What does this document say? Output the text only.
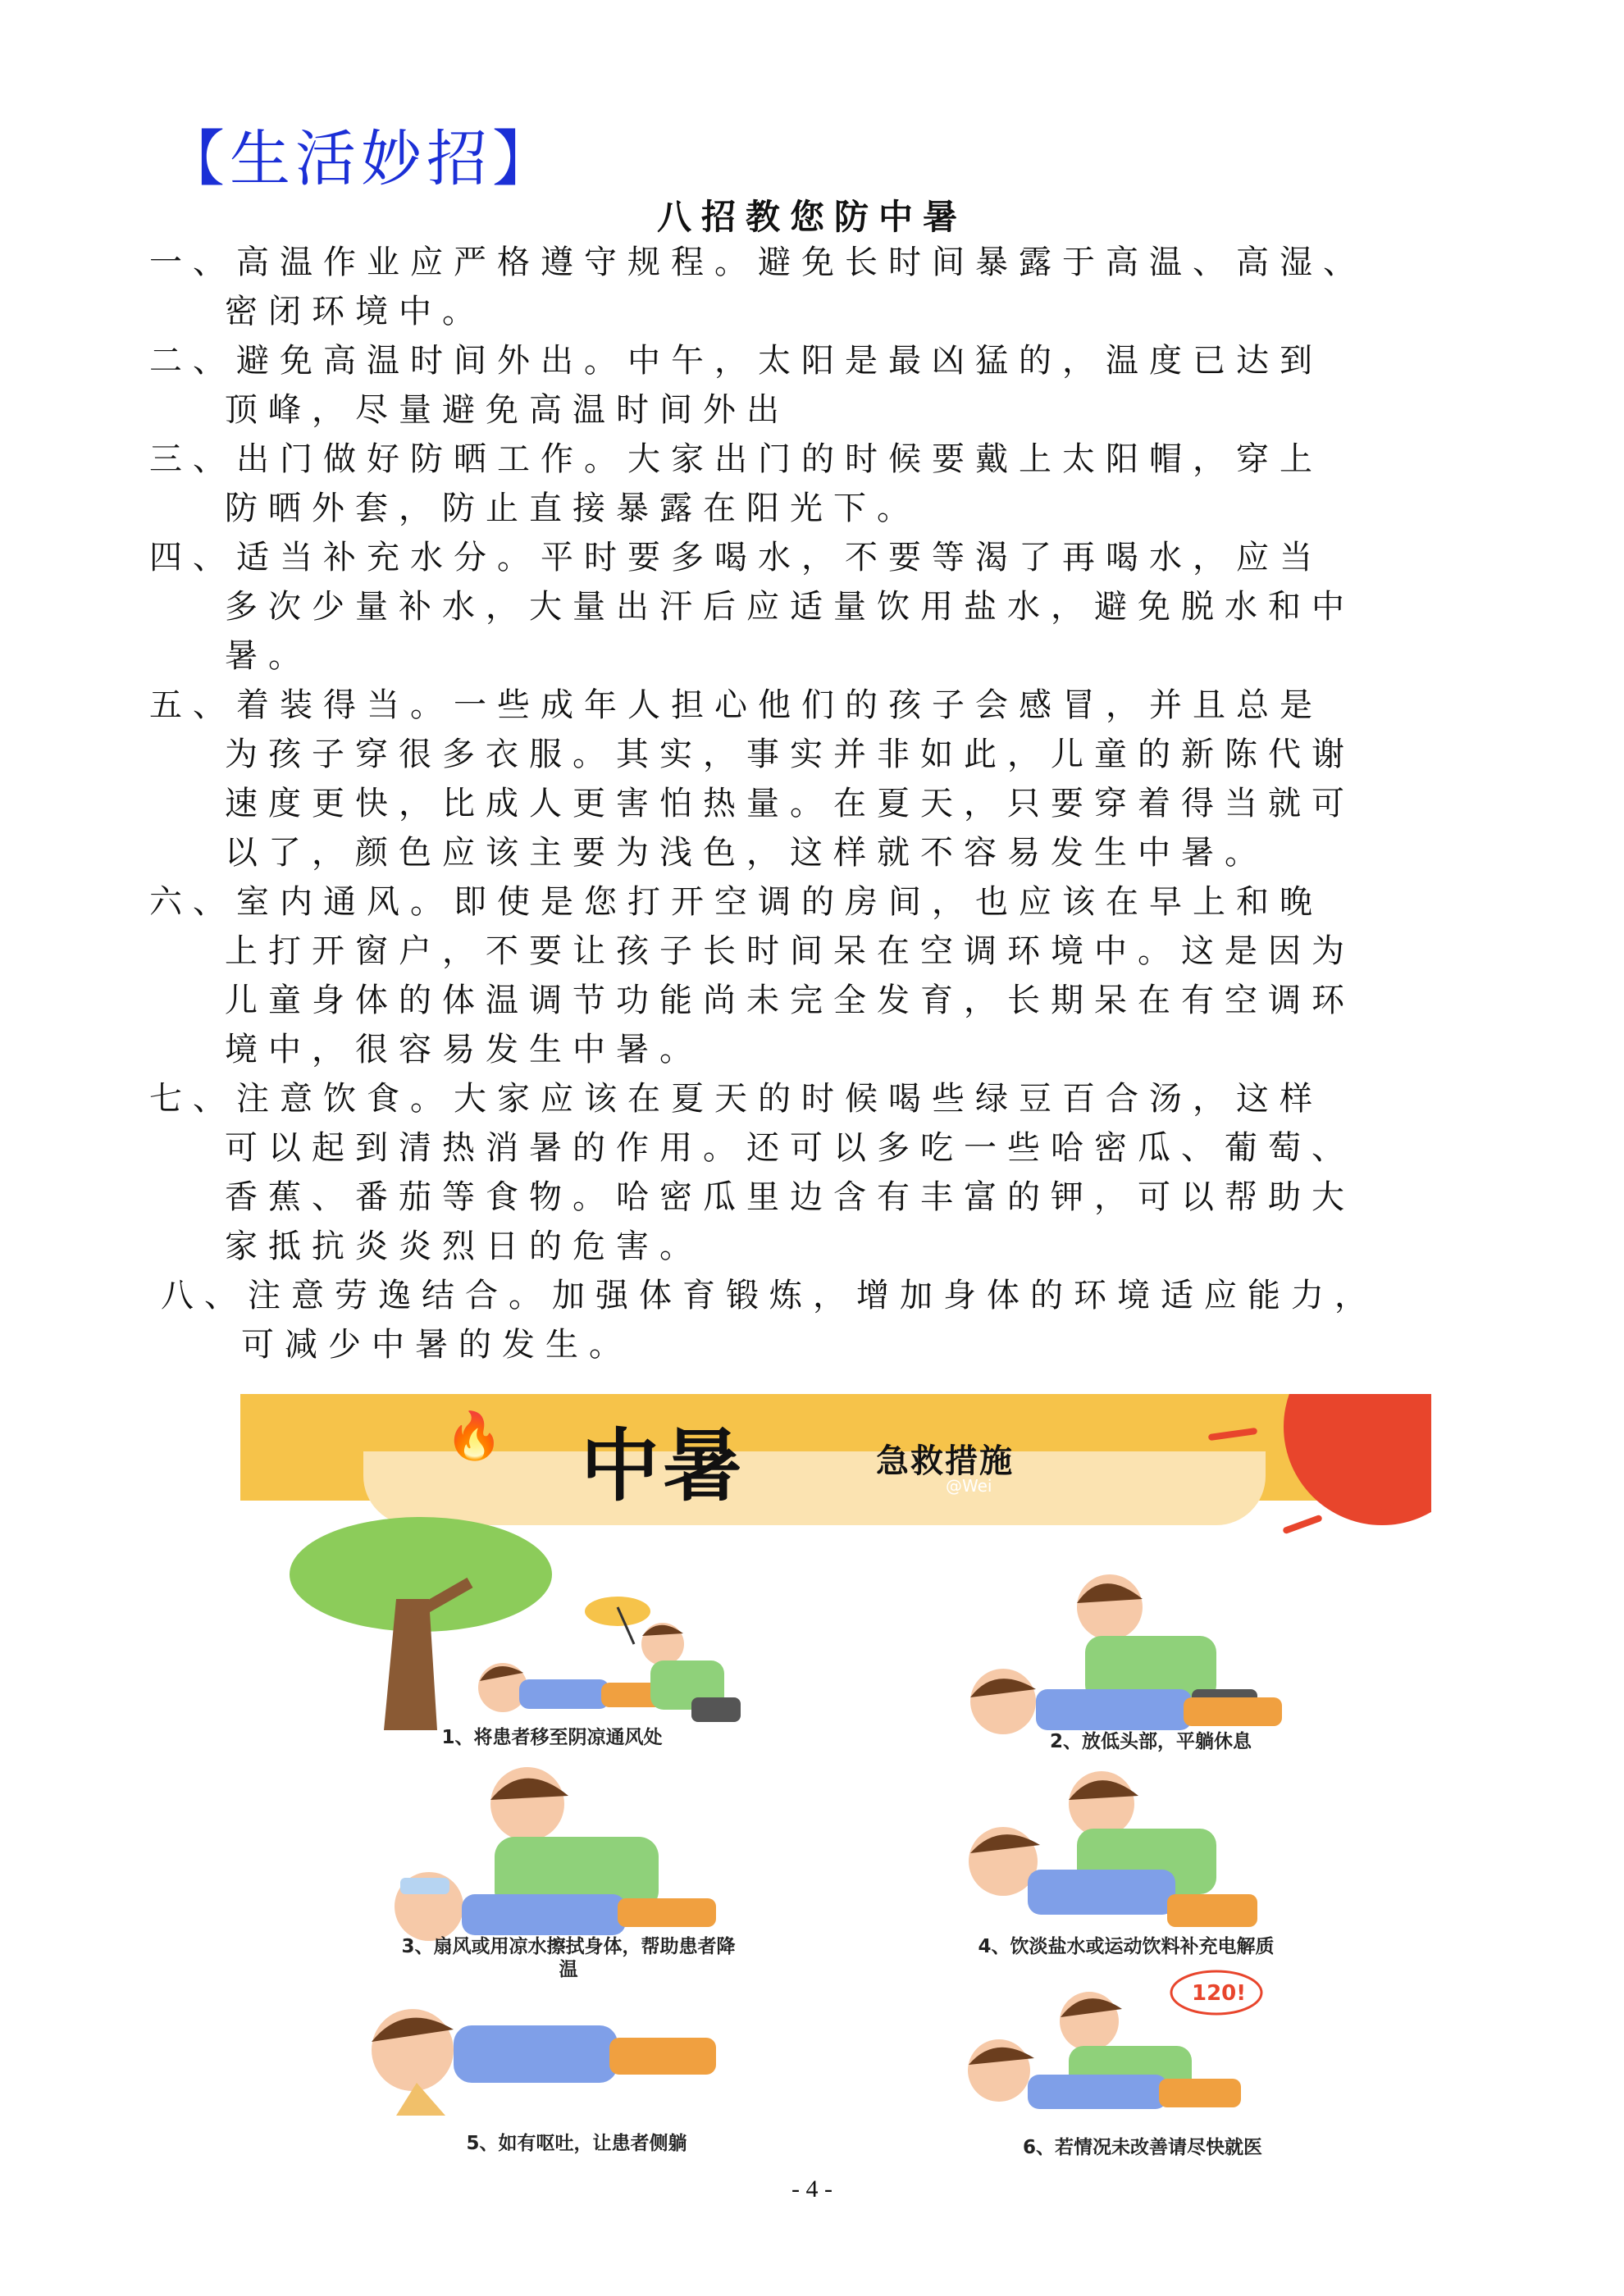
【生活妙招】
八招教您防中暑
一、高温作业应严格遵守规程。避免长时间暴露于高温、高湿、
密闭环境中。
二、避免高温时间外出。中午，太阳是最凶猛的，温度已达到
顶峰，尽量避免高温时间外出
三、出门做好防晒工作。大家出门的时候要戴上太阳帽，穿上
防晒外套，防止直接暴露在阳光下。
四、适当补充水分。平时要多喝水，不要等渴了再喝水，应当
多次少量补水，大量出汗后应适量饮用盐水，避免脱水和中
暑。
五、着装得当。一些成年人担心他们的孩子会感冒，并且总是
为孩子穿很多衣服。其实，事实并非如此，儿童的新陈代谢
速度更快，比成人更害怕热量。在夏天，只要穿着得当就可
以了，颜色应该主要为浅色，这样就不容易发生中暑。
六、室内通风。即使是您打开空调的房间，也应该在早上和晚
上打开窗户，不要让孩子长时间呆在空调环境中。这是因为
儿童身体的体温调节功能尚未完全发育，长期呆在有空调环
境中，很容易发生中暑。
七、注意饮食。大家应该在夏天的时候喝些绿豆百合汤，这样
可以起到清热消暑的作用。还可以多吃一些哈密瓜、葡萄、
香蕉、番茄等食物。哈密瓜里边含有丰富的钾，可以帮助大
家抵抗炎炎烈日的危害。
八、注意劳逸结合。加强体育锻炼，增加身体的环境适应能力，
可减少中暑的发生。
🔥 中暑	急救措施
@Wei
120!
1、将患者移至阴凉通风处	2、放低头部，平躺休息
3、扇风或用凉水擦拭身体，帮助患者降温
4、饮淡盐水或运动饮料补充电解质
5、如有呕吐，让患者侧躺	6、若情况未改善请尽快就医
- 4 -
